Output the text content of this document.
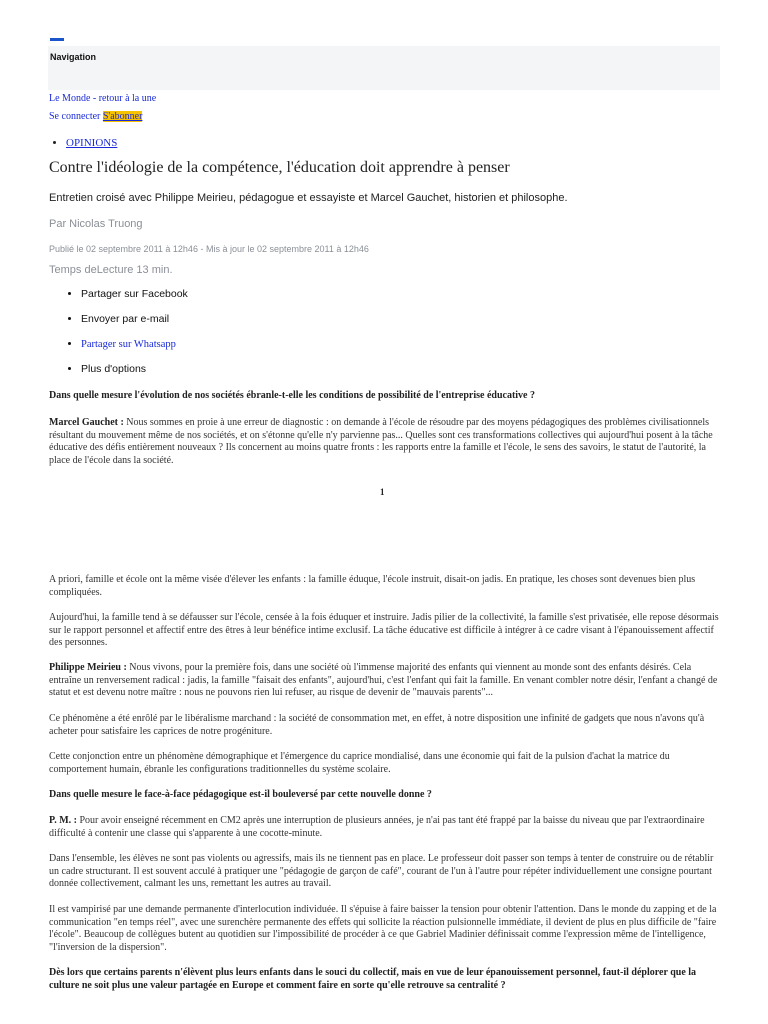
Navigation
Le Monde - retour à la une
Se connecter S'abonner
• OPINIONS
Contre l'idéologie de la compétence, l'éducation doit apprendre à penser

Entretien croisé avec Philippe Meirieu, pédagogue et essayiste et Marcel Gauchet, historien et philosophe.

Par Nicolas Truong
Publié le 02 septembre 2011 à 12h46 - Mis à jour le 02 septembre 2011 à 12h46
Temps deLecture 13 min.
• Partager sur Facebook
• Envoyer par e-mail
• Partager sur Whatsapp
• Plus d'options

Dans quelle mesure l'évolution de nos sociétés ébranle-t-elle les conditions de possibilité de l'entreprise éducative ?

Marcel Gauchet : Nous sommes en proie à une erreur de diagnostic : on demande à l'école de résoudre par des moyens pédagogiques des problèmes civilisationnels résultant du mouvement même de nos sociétés, et on s'étonne qu'elle n'y parvienne pas... Quelles sont ces transformations collectives qui aujourd'hui posent à la tâche éducative des défis entièrement nouveaux ? Ils concernent au moins quatre fronts : les rapports entre la famille et l'école, le sens des savoirs, le statut de l'autorité, la place de l'école dans la société.

1

A priori, famille et école ont la même visée d'élever les enfants : la famille éduque, l'école instruit, disait-on jadis. En pratique, les choses sont devenues bien plus compliquées.

Aujourd'hui, la famille tend à se défausser sur l'école, censée à la fois éduquer et instruire. Jadis pilier de la collectivité, la famille s'est privatisée, elle repose désormais sur le rapport personnel et affectif entre des êtres à leur bénéfice intime exclusif. La tâche éducative est difficile à intégrer à ce cadre visant à l'épanouissement affectif des personnes.

Philippe Meirieu : Nous vivons, pour la première fois, dans une société où l'immense majorité des enfants qui viennent au monde sont des enfants désirés. Cela entraîne un renversement radical : jadis, la famille "faisait des enfants", aujourd'hui, c'est l'enfant qui fait la famille. En venant combler notre désir, l'enfant a changé de statut et est devenu notre maître : nous ne pouvons rien lui refuser, au risque de devenir de "mauvais parents"...

Ce phénomène a été enrôlé par le libéralisme marchand : la société de consommation met, en effet, à notre disposition une infinité de gadgets que nous n'avons qu'à acheter pour satisfaire les caprices de notre progéniture.

Cette conjonction entre un phénomène démographique et l'émergence du caprice mondialisé, dans une économie qui fait de la pulsion d'achat la matrice du comportement humain, ébranle les configurations traditionnelles du système scolaire.

Dans quelle mesure le face-à-face pédagogique est-il bouleversé par cette nouvelle donne ?

P. M. : Pour avoir enseigné récemment en CM2 après une interruption de plusieurs années, je n'ai pas tant été frappé par la baisse du niveau que par l'extraordinaire difficulté à contenir une classe qui s'apparente à une cocotte-minute.

Dans l'ensemble, les élèves ne sont pas violents ou agressifs, mais ils ne tiennent pas en place. Le professeur doit passer son temps à tenter de construire ou de rétablir un cadre structurant. Il est souvent acculé à pratiquer une "pédagogie de garçon de café", courant de l'un à l'autre pour répéter individuellement une consigne pourtant donnée collectivement, calmant les uns, remettant les autres au travail.

Il est vampirisé par une demande permanente d'interlocution individuée. Il s'épuise à faire baisser la tension pour obtenir l'attention. Dans le monde du zapping et de la communication "en temps réel", avec une surenchère permanente des effets qui sollicite la réaction pulsionnelle immédiate, il devient de plus en plus difficile de "faire l'école". Beaucoup de collègues butent au quotidien sur l'impossibilité de procéder à ce que Gabriel Madinier définissait comme l'expression même de l'intelligence, "l'inversion de la dispersion".

Dès lors que certains parents n'élèvent plus leurs enfants dans le souci du collectif, mais en vue de leur épanouissement personnel, faut-il déplorer que la culture ne soit plus une valeur partagée en Europe et comment faire en sorte qu'elle retrouve sa centralité ?
